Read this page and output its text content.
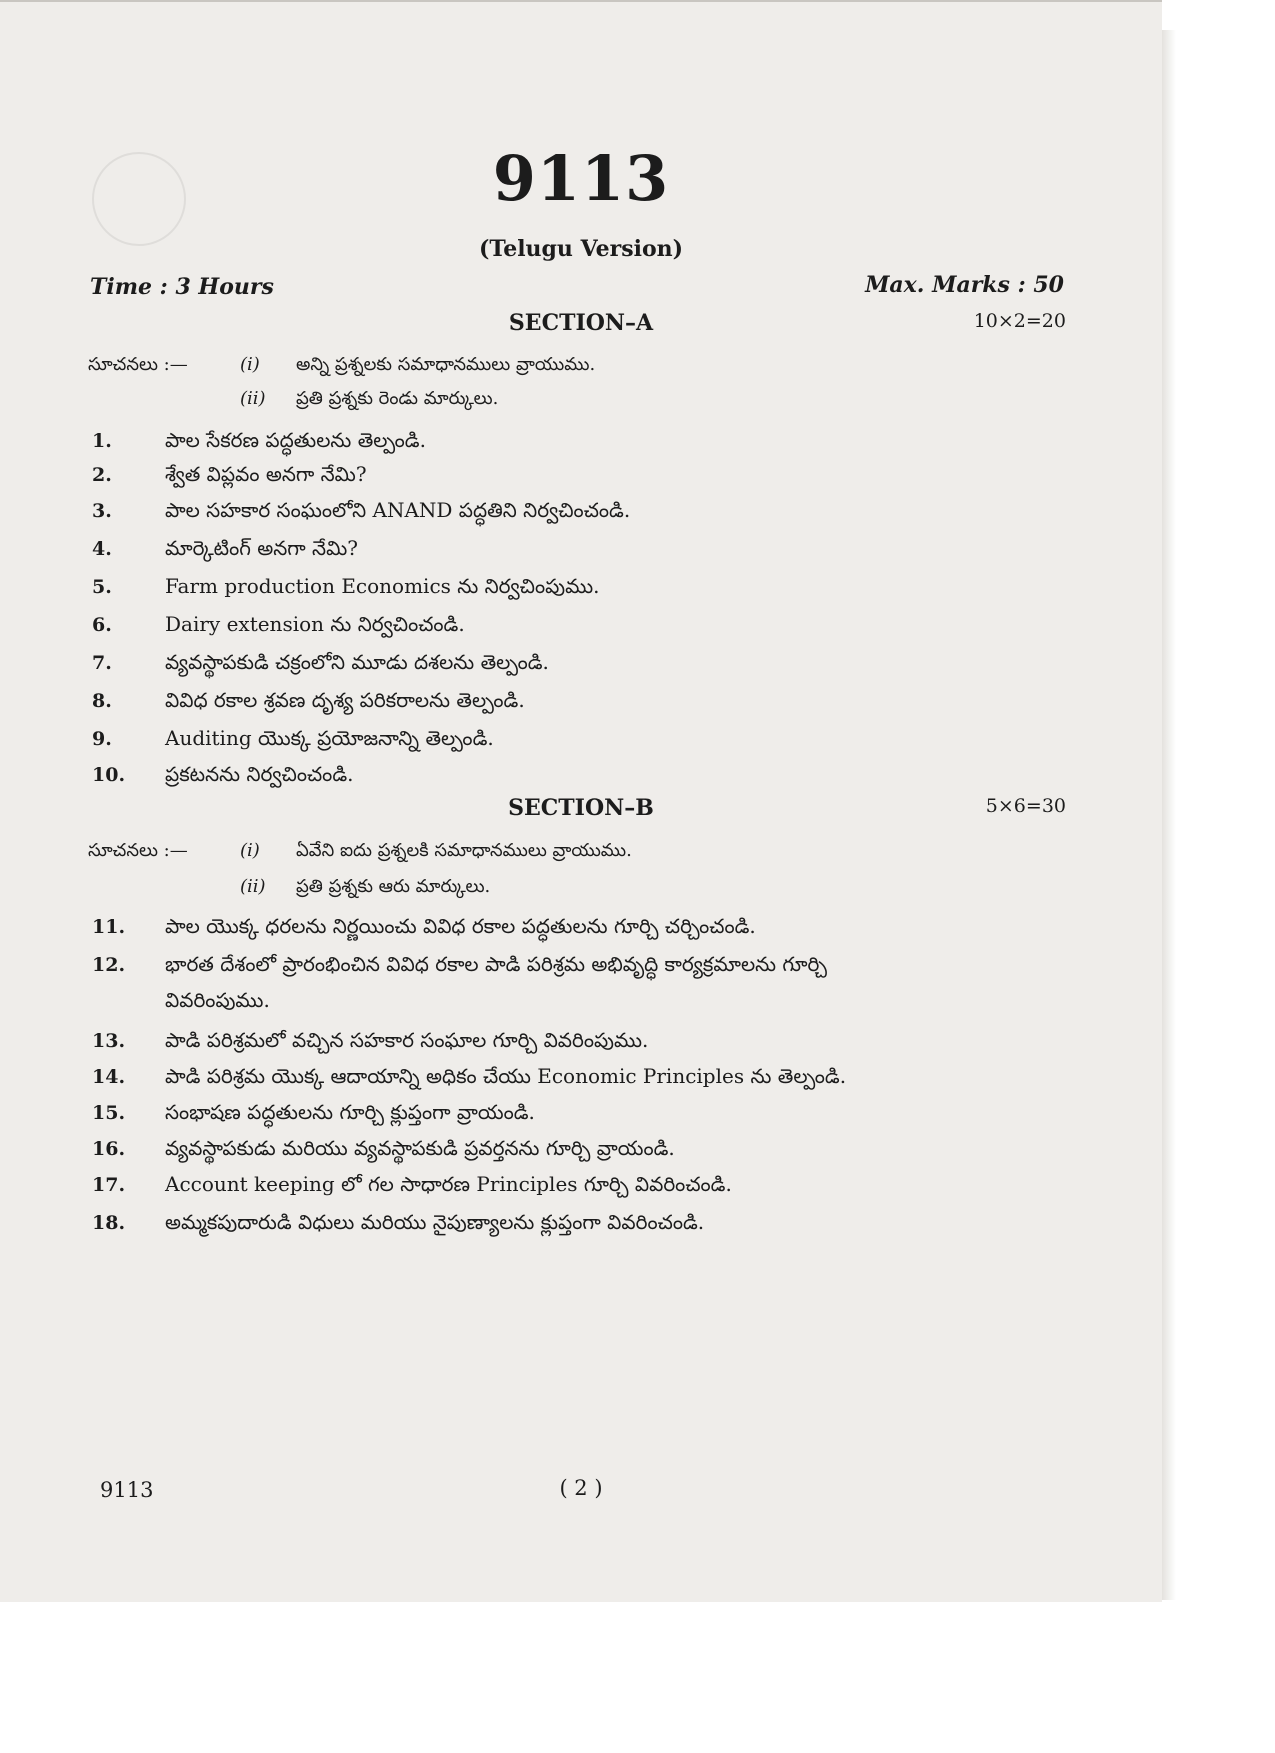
9113
(Telugu Version)
Time : 3 Hours	Max. Marks : 50
SECTION–A	10×2=20
సూచనలు :—	(i) అన్ని ప్రశ్నలకు సమాధానములు వ్రాయుము.
(ii) ప్రతి ప్రశ్నకు రెండు మార్కులు.
1.	పాల సేకరణ పద్ధతులను తెల్పండి.
2.	శ్వేత విప్లవం అనగా నేమి?
3.	పాల సహకార సంఘంలోని ANAND పద్ధతిని నిర్వచించండి.
4.	మార్కెటింగ్ అనగా నేమి?
5.	Farm production Economics ను నిర్వచింపుము.
6.	Dairy extension ను నిర్వచించండి.
7.	వ్యవస్థాపకుడి చక్రంలోని మూడు దశలను తెల్పండి.
8.	వివిధ రకాల శ్రవణ దృశ్య పరికరాలను తెల్పండి.
9.	Auditing యొక్క ప్రయోజనాన్ని తెల్పండి.
10. ప్రకటనను నిర్వచించండి.
SECTION–B	5×6=30
సూచనలు :—	(i) ఏవేని ఐదు ప్రశ్నలకి సమాధానములు వ్రాయుము.
(ii) ప్రతి ప్రశ్నకు ఆరు మార్కులు.
11. పాల యొక్క ధరలను నిర్ణయించు వివిధ రకాల పద్ధతులను గూర్చి చర్చించండి.
12. భారత దేశంలో ప్రారంభించిన వివిధ రకాల పాడి పరిశ్రమ అభివృద్ధి కార్యక్రమాలను గూర్చి
వివరింపుము.
13. పాడి పరిశ్రమలో వచ్చిన సహకార సంఘాల గూర్చి వివరింపుము.
14. పాడి పరిశ్రమ యొక్క ఆదాయాన్ని అధికం చేయు Economic Principles ను తెల్పండి.
15. సంభాషణ పద్ధతులను గూర్చి క్లుప్తంగా వ్రాయండి.
16. వ్యవస్థాపకుడు మరియు వ్యవస్థాపకుడి ప్రవర్తనను గూర్చి వ్రాయండి.
17. Account keeping లో గల సాధారణ Principles గూర్చి వివరించండి.
18. అమ్మకపుదారుడి విధులు మరియు నైపుణ్యాలను క్లుప్తంగా వివరించండి.
9113	( 2 )
